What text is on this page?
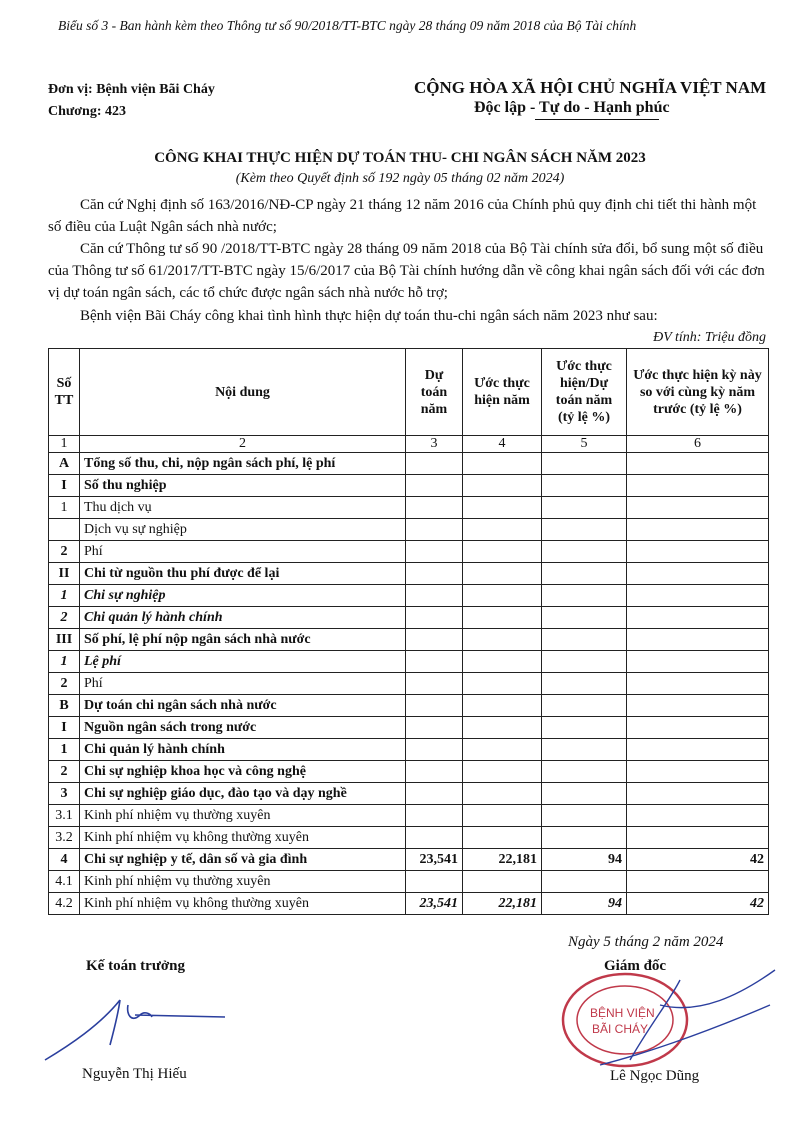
Biểu số 3 - Ban hành kèm theo Thông tư số 90/2018/TT-BTC ngày 28 tháng 09 năm 2018 của Bộ Tài chính
Đơn vị: Bệnh viện Bãi Cháy
Chương: 423
CỘNG HÒA XÃ HỘI CHỦ NGHĨA VIỆT NAM
Độc lập - Tự do - Hạnh phúc
CÔNG KHAI THỰC HIỆN DỰ TOÁN THU- CHI NGÂN SÁCH NĂM 2023
(Kèm theo Quyết định số 192 ngày 05 tháng 02 năm 2024)
Căn cứ Nghị định số 163/2016/NĐ-CP ngày 21 tháng 12 năm 2016 của Chính phủ quy định chi tiết thi hành một số điều của Luật Ngân sách nhà nước;
Căn cứ Thông tư số 90 /2018/TT-BTC ngày 28 tháng 09 năm 2018 của Bộ Tài chính sửa đổi, bổ sung một số điều của Thông tư số 61/2017/TT-BTC ngày 15/6/2017 của Bộ Tài chính hướng dẫn về công khai ngân sách đối với các đơn vị dự toán ngân sách, các tổ chức được ngân sách nhà nước hỗ trợ;
Bệnh viện Bãi Cháy công khai tình hình thực hiện dự toán thu-chi ngân sách năm 2023 như sau:
ĐV tính: Triệu đồng
Số TT	Nội dung	Dự toán năm	Ước thực hiện năm	Ước thực hiện/Dự toán năm (tỷ lệ %)	Ước thực hiện kỳ này so với cùng kỳ năm trước (tỷ lệ %)
1	2	3	4	5	6
A	Tổng số thu, chi, nộp ngân sách phí, lệ phí				
I	Số thu nghiệp				
1	Thu dịch vụ				
	Dịch vụ sự nghiệp				
2	Phí				
II	Chi từ nguồn thu phí được để lại				
1	Chi sự nghiệp				
2	Chi quản lý hành chính				
III	Số phí, lệ phí nộp ngân sách nhà nước				
1	Lệ phí				
2	Phí				
B	Dự toán chi ngân sách nhà nước				
I	Nguồn ngân sách trong nước				
1	Chi quản lý hành chính				
2	Chi sự nghiệp khoa học và công nghệ				
3	Chi sự nghiệp giáo dục, đào tạo và dạy nghề				
3.1	Kinh phí nhiệm vụ thường xuyên				
3.2	Kinh phí nhiệm vụ không thường xuyên				
4	Chi sự nghiệp y tế, dân số và gia đình	23,541	22,181	94	42
4.1	Kinh phí nhiệm vụ thường xuyên				
4.2	Kinh phí nhiệm vụ không thường xuyên	23,541	22,181	94	42
Ngày 5 tháng 2 năm 2024
Kế toán trưởng	Giám đốc
BỆNH VIỆN
BÃI CHÁY
Nguyễn Thị Hiếu	Lê Ngọc Dũng
